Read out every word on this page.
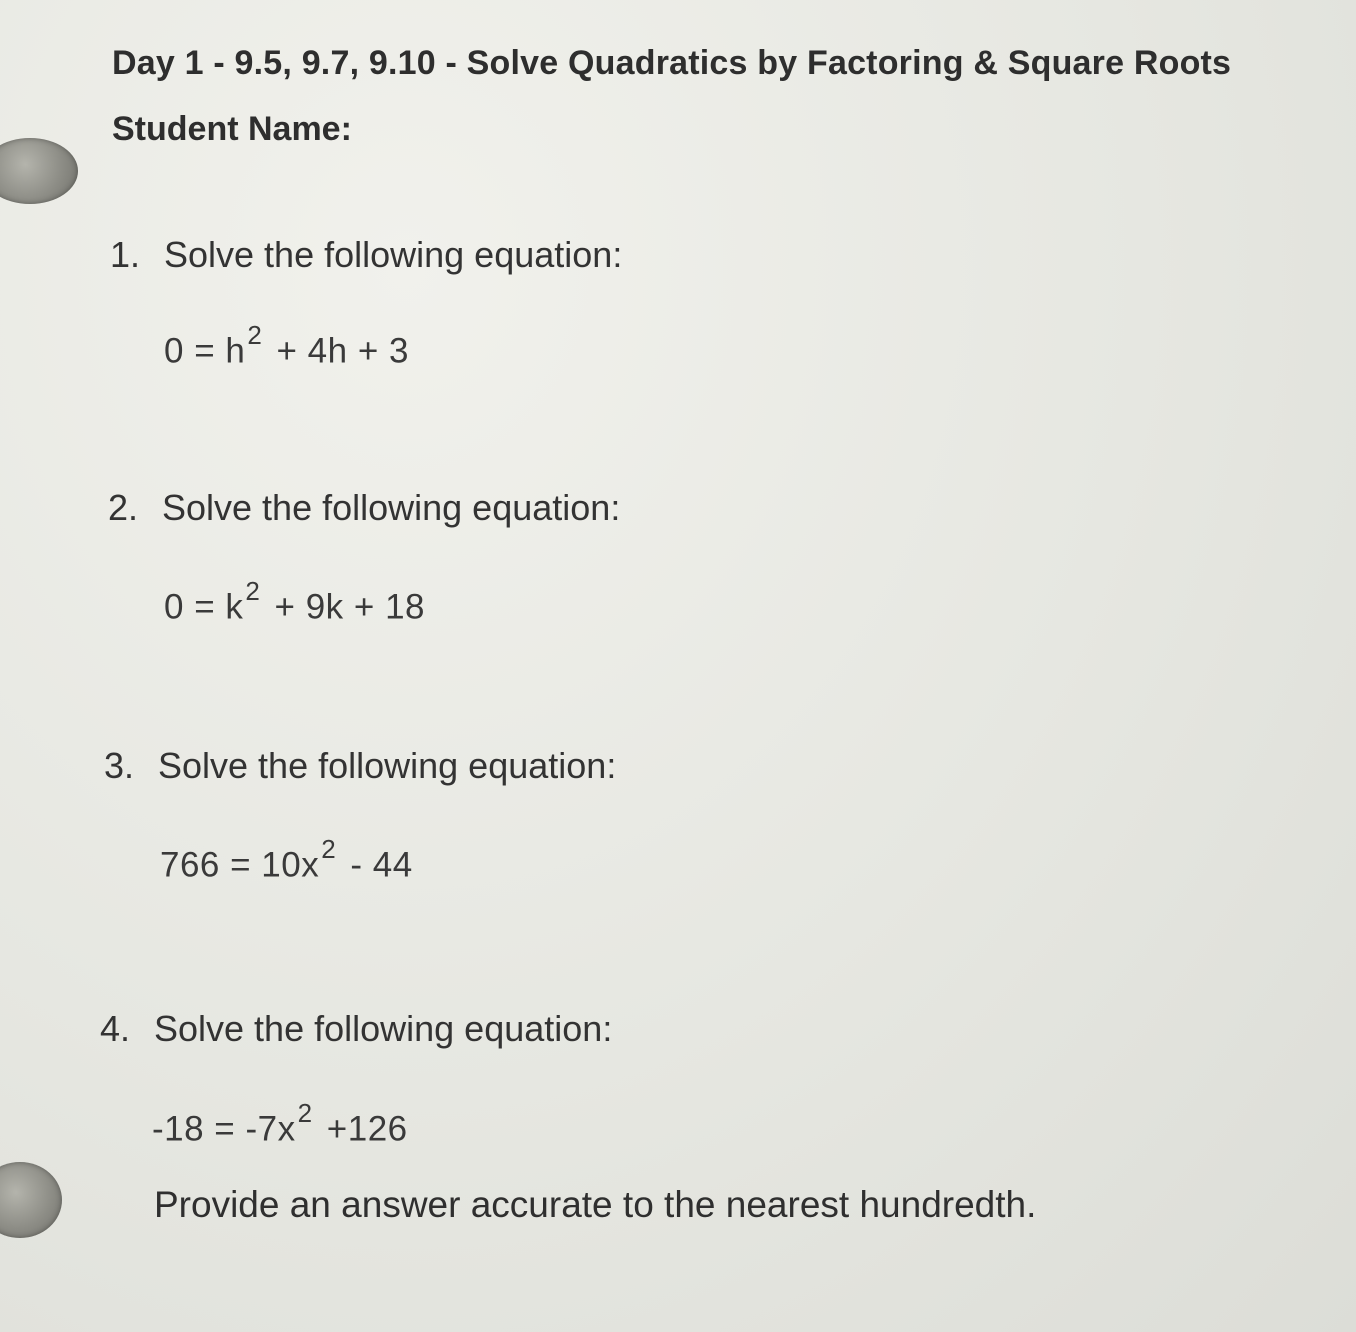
Day 1 - 9.5, 9.7, 9.10 - Solve Quadratics by Factoring & Square Roots
Student Name:
1. Solve the following equation:
$0 = h^2 + 4h + 3$
2. Solve the following equation:
$0 = k^2 + 9k + 18$
3. Solve the following equation:
$766 = 10x^2 - 44$
4. Solve the following equation:
$-18 = -7x^2 +126$
Provide an answer accurate to the nearest hundredth.
